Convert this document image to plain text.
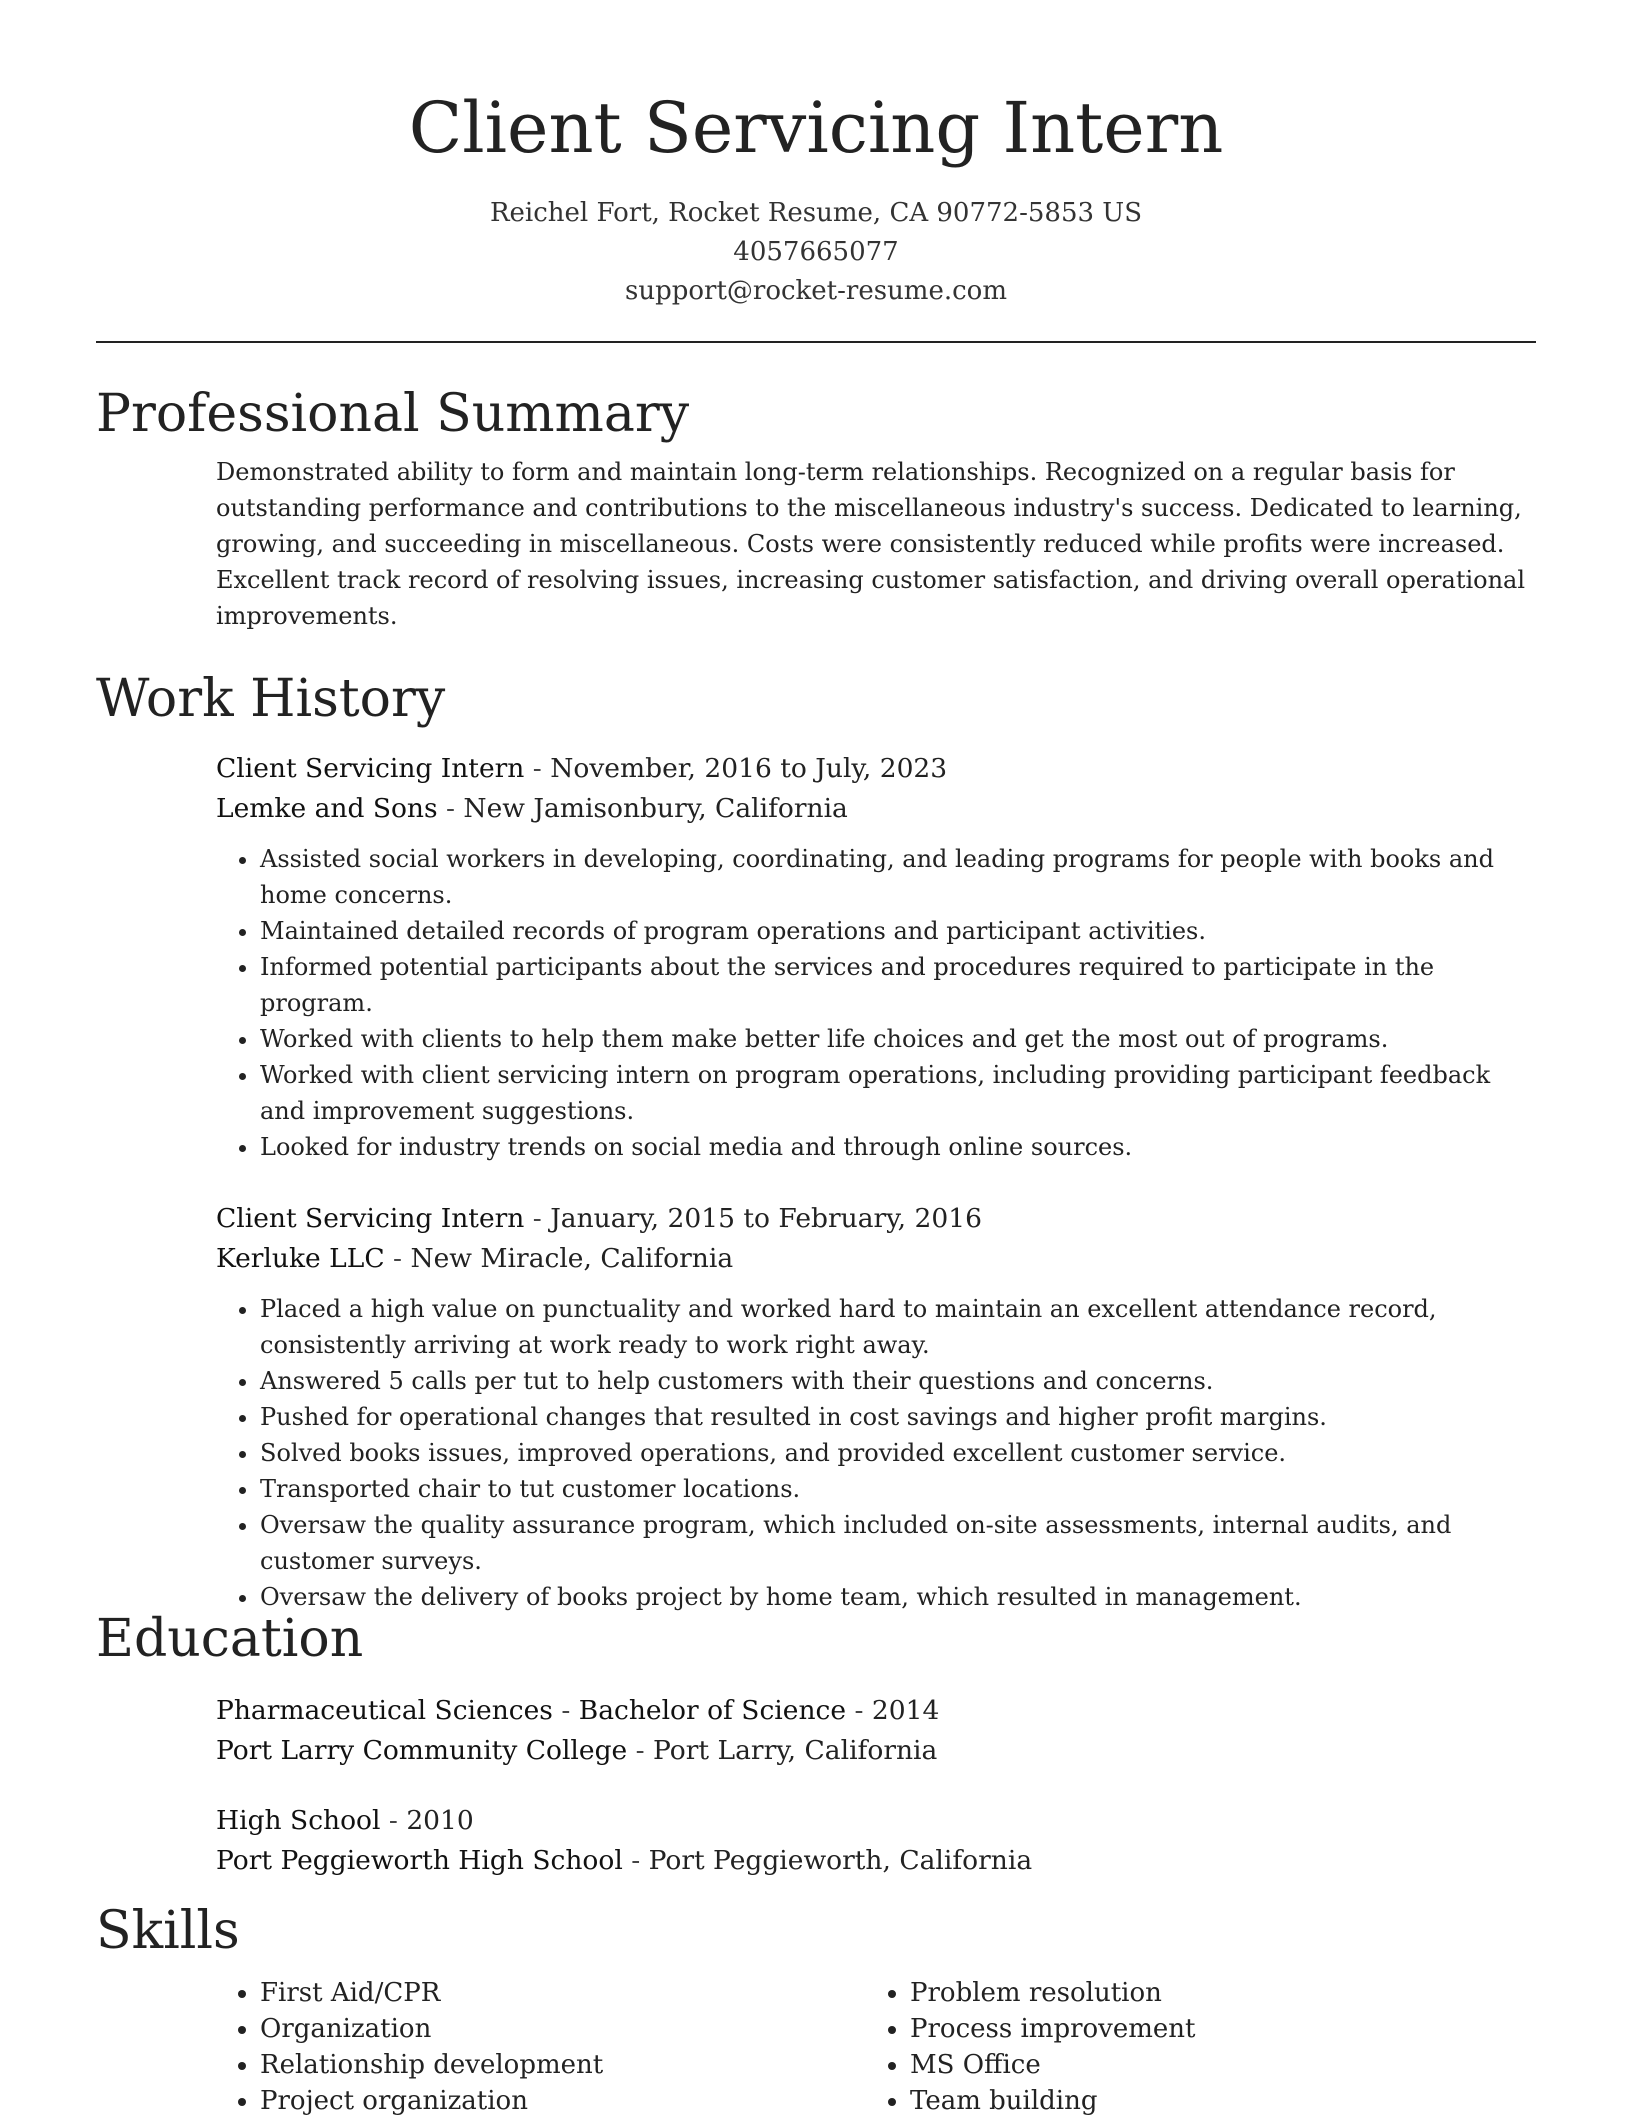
Client Servicing Intern
Reichel Fort, Rocket Resume, CA 90772-5853 US
4057665077
support@rocket-resume.com
Professional Summary
Demonstrated ability to form and maintain long-term relationships. Recognized on a regular basis for outstanding performance and contributions to the miscellaneous industry's success. Dedicated to learning, growing, and succeeding in miscellaneous. Costs were consistently reduced while profits were increased. Excellent track record of resolving issues, increasing customer satisfaction, and driving overall operational improvements.
Work History
Client Servicing Intern - November, 2016 to July, 2023
Lemke and Sons - New Jamisonbury, California
• Assisted social workers in developing, coordinating, and leading programs for people with books and home concerns.
• Maintained detailed records of program operations and participant activities.
• Informed potential participants about the services and procedures required to participate in the program.
• Worked with clients to help them make better life choices and get the most out of programs.
• Worked with client servicing intern on program operations, including providing participant feedback and improvement suggestions.
• Looked for industry trends on social media and through online sources.
Client Servicing Intern - January, 2015 to February, 2016
Kerluke LLC - New Miracle, California
• Placed a high value on punctuality and worked hard to maintain an excellent attendance record, consistently arriving at work ready to work right away.
• Answered 5 calls per tut to help customers with their questions and concerns.
• Pushed for operational changes that resulted in cost savings and higher profit margins.
• Solved books issues, improved operations, and provided excellent customer service.
• Transported chair to tut customer locations.
• Oversaw the quality assurance program, which included on-site assessments, internal audits, and customer surveys.
• Oversaw the delivery of books project by home team, which resulted in management.
Education
Pharmaceutical Sciences - Bachelor of Science - 2014
Port Larry Community College - Port Larry, California
High School - 2010
Port Peggieworth High School - Port Peggieworth, California
Skills
• First Aid/CPR
• Organization
• Relationship development
• Project organization
• Problem resolution
• Process improvement
• MS Office
• Team building
